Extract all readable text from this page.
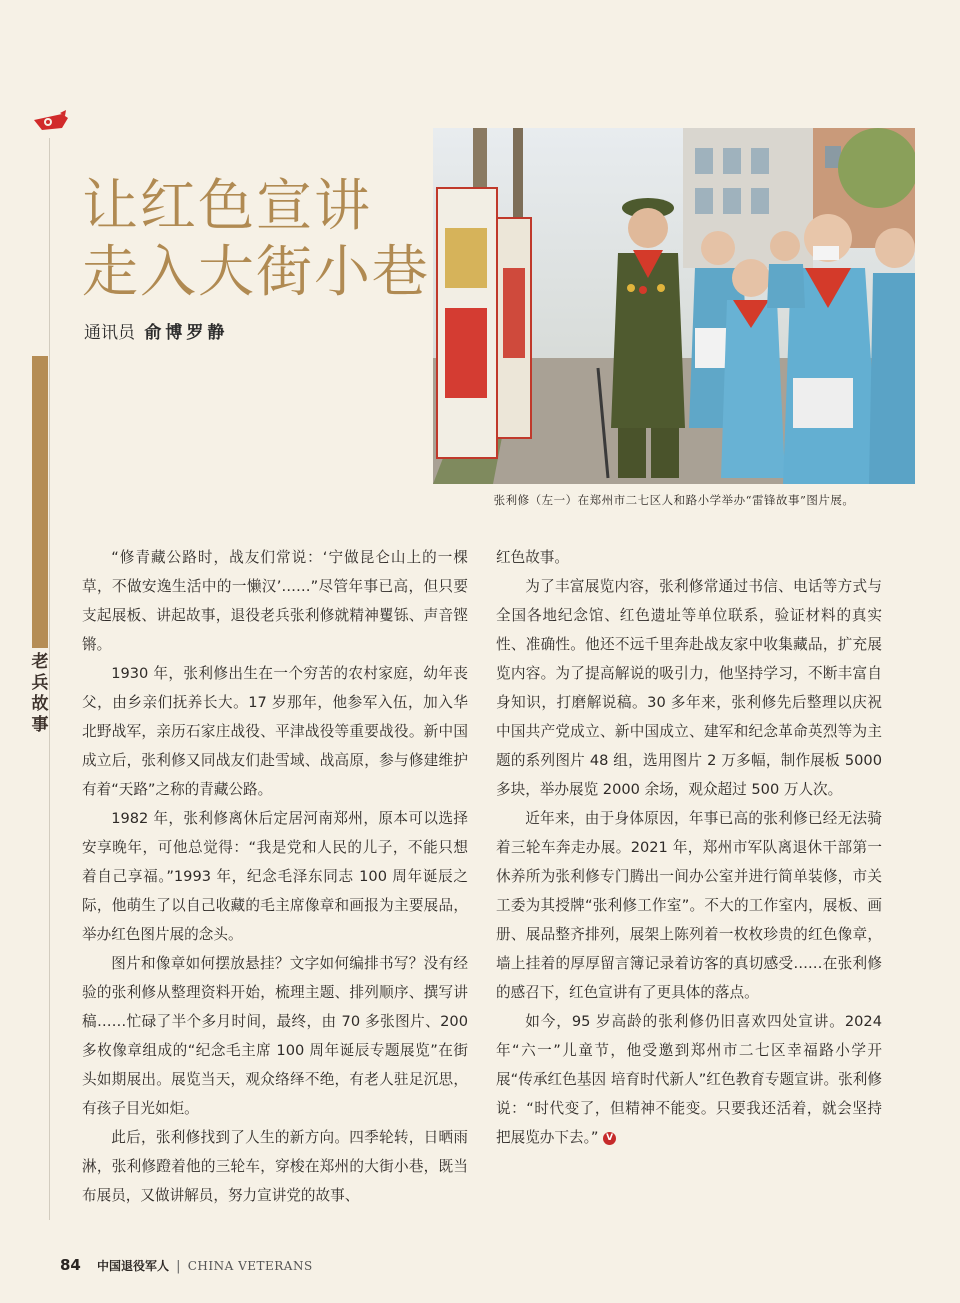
老兵故事
让红色宣讲
走入大街小巷
通讯员 俞博罗静
张利修（左一）在郑州市二七区人和路小学举办“雷锋故事”图片展。

“修青藏公路时，战友们常说：‘宁做昆仑山上的一棵草，不做安逸生活中的一懒汉’……”尽管年事已高，但只要支起展板、讲起故事，退役老兵张利修就精神矍铄、声音铿锵。

1930 年，张利修出生在一个穷苦的农村家庭，幼年丧父，由乡亲们抚养长大。17 岁那年，他参军入伍，加入华北野战军，亲历石家庄战役、平津战役等重要战役。新中国成立后，张利修又同战友们赴雪域、战高原，参与修建维护有着“天路”之称的青藏公路。

1982 年，张利修离休后定居河南郑州，原本可以选择安享晚年，可他总觉得：“我是党和人民的儿子，不能只想着自己享福。”1993 年，纪念毛泽东同志 100 周年诞辰之际，他萌生了以自己收藏的毛主席像章和画报为主要展品，举办红色图片展的念头。

图片和像章如何摆放悬挂？文字如何编排书写？没有经验的张利修从整理资料开始，梳理主题、排列顺序、撰写讲稿……忙碌了半个多月时间，最终，由 70 多张图片、200 多枚像章组成的“纪念毛主席 100 周年诞辰专题展览”在街头如期展出。展览当天，观众络绎不绝，有老人驻足沉思，有孩子目光如炬。

此后，张利修找到了人生的新方向。四季轮转，日晒雨淋，张利修蹬着他的三轮车，穿梭在郑州的大街小巷，既当布展员，又做讲解员，努力宣讲党的故事、

红色故事。

为了丰富展览内容，张利修常通过书信、电话等方式与全国各地纪念馆、红色遗址等单位联系，验证材料的真实性、准确性。他还不远千里奔赴战友家中收集藏品，扩充展览内容。为了提高解说的吸引力，他坚持学习，不断丰富自身知识，打磨解说稿。30 多年来，张利修先后整理以庆祝中国共产党成立、新中国成立、建军和纪念革命英烈等为主题的系列图片 48 组，选用图片 2 万多幅，制作展板 5000 多块，举办展览 2000 余场，观众超过 500 万人次。

近年来，由于身体原因，年事已高的张利修已经无法骑着三轮车奔走办展。2021 年，郑州市军队离退休干部第一休养所为张利修专门腾出一间办公室并进行简单装修，市关工委为其授牌“张利修工作室”。不大的工作室内，展板、画册、展品整齐排列，展架上陈列着一枚枚珍贵的红色像章，墙上挂着的厚厚留言簿记录着访客的真切感受……在张利修的感召下，红色宣讲有了更具体的落点。

如今，95 岁高龄的张利修仍旧喜欢四处宣讲。2024 年“六一”儿童节，他受邀到郑州市二七区幸福路小学开展“传承红色基因 培育时代新人”红色教育专题宣讲。张利修说：“时代变了，但精神不能变。只要我还活着，就会坚持把展览办下去。” V

84 中国退役军人 | CHINA VETERANS
